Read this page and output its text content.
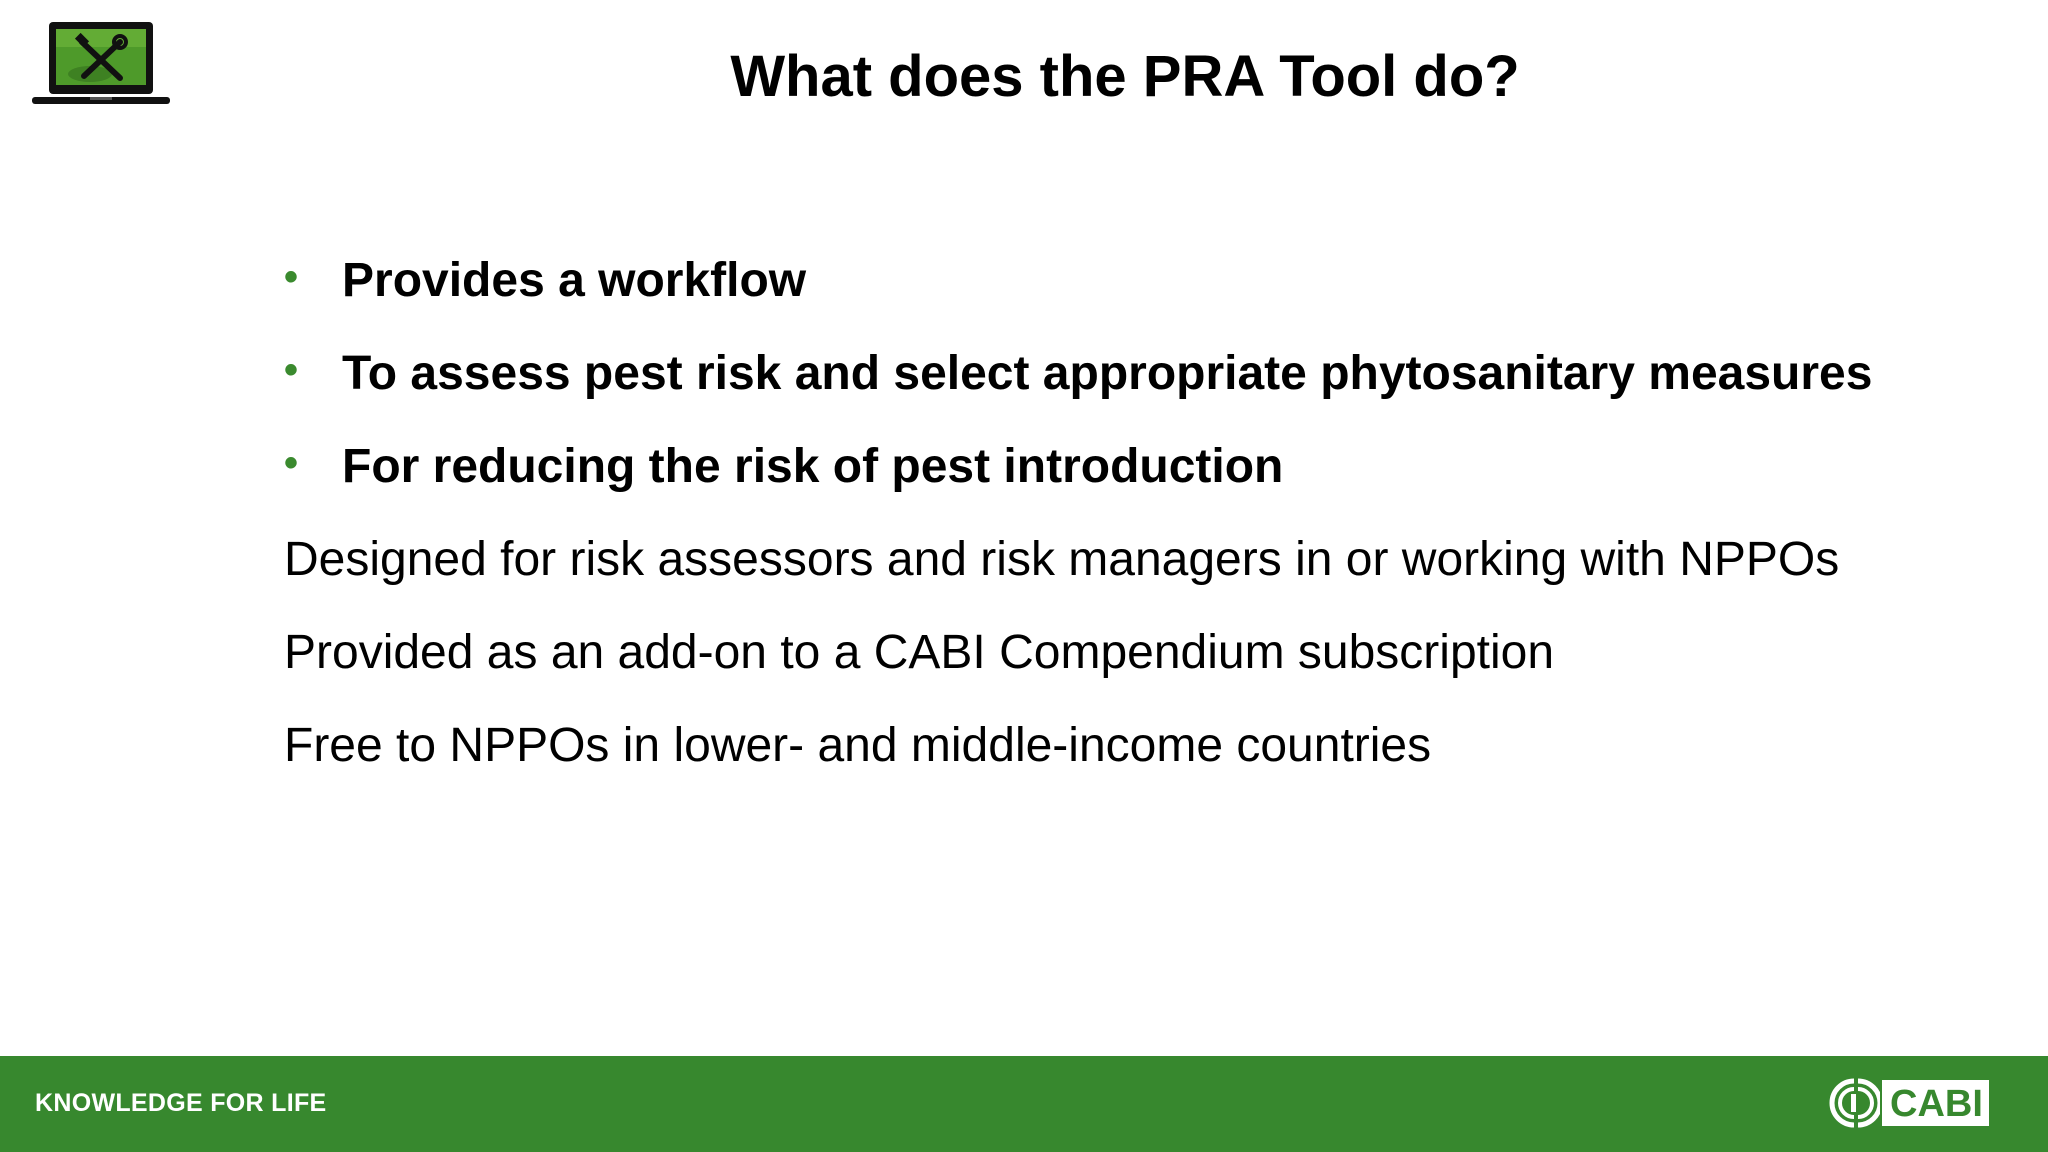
What does the PRA Tool do?
• Provides a workflow
• To assess pest risk and select appropriate phytosanitary measures
• For reducing the risk of pest introduction

Designed for risk assessors and risk managers in or working with NPPOs

Provided as an add-on to a CABI Compendium subscription

Free to NPPOs in lower- and middle-income countries

KNOWLEDGE FOR LIFE	CABI
